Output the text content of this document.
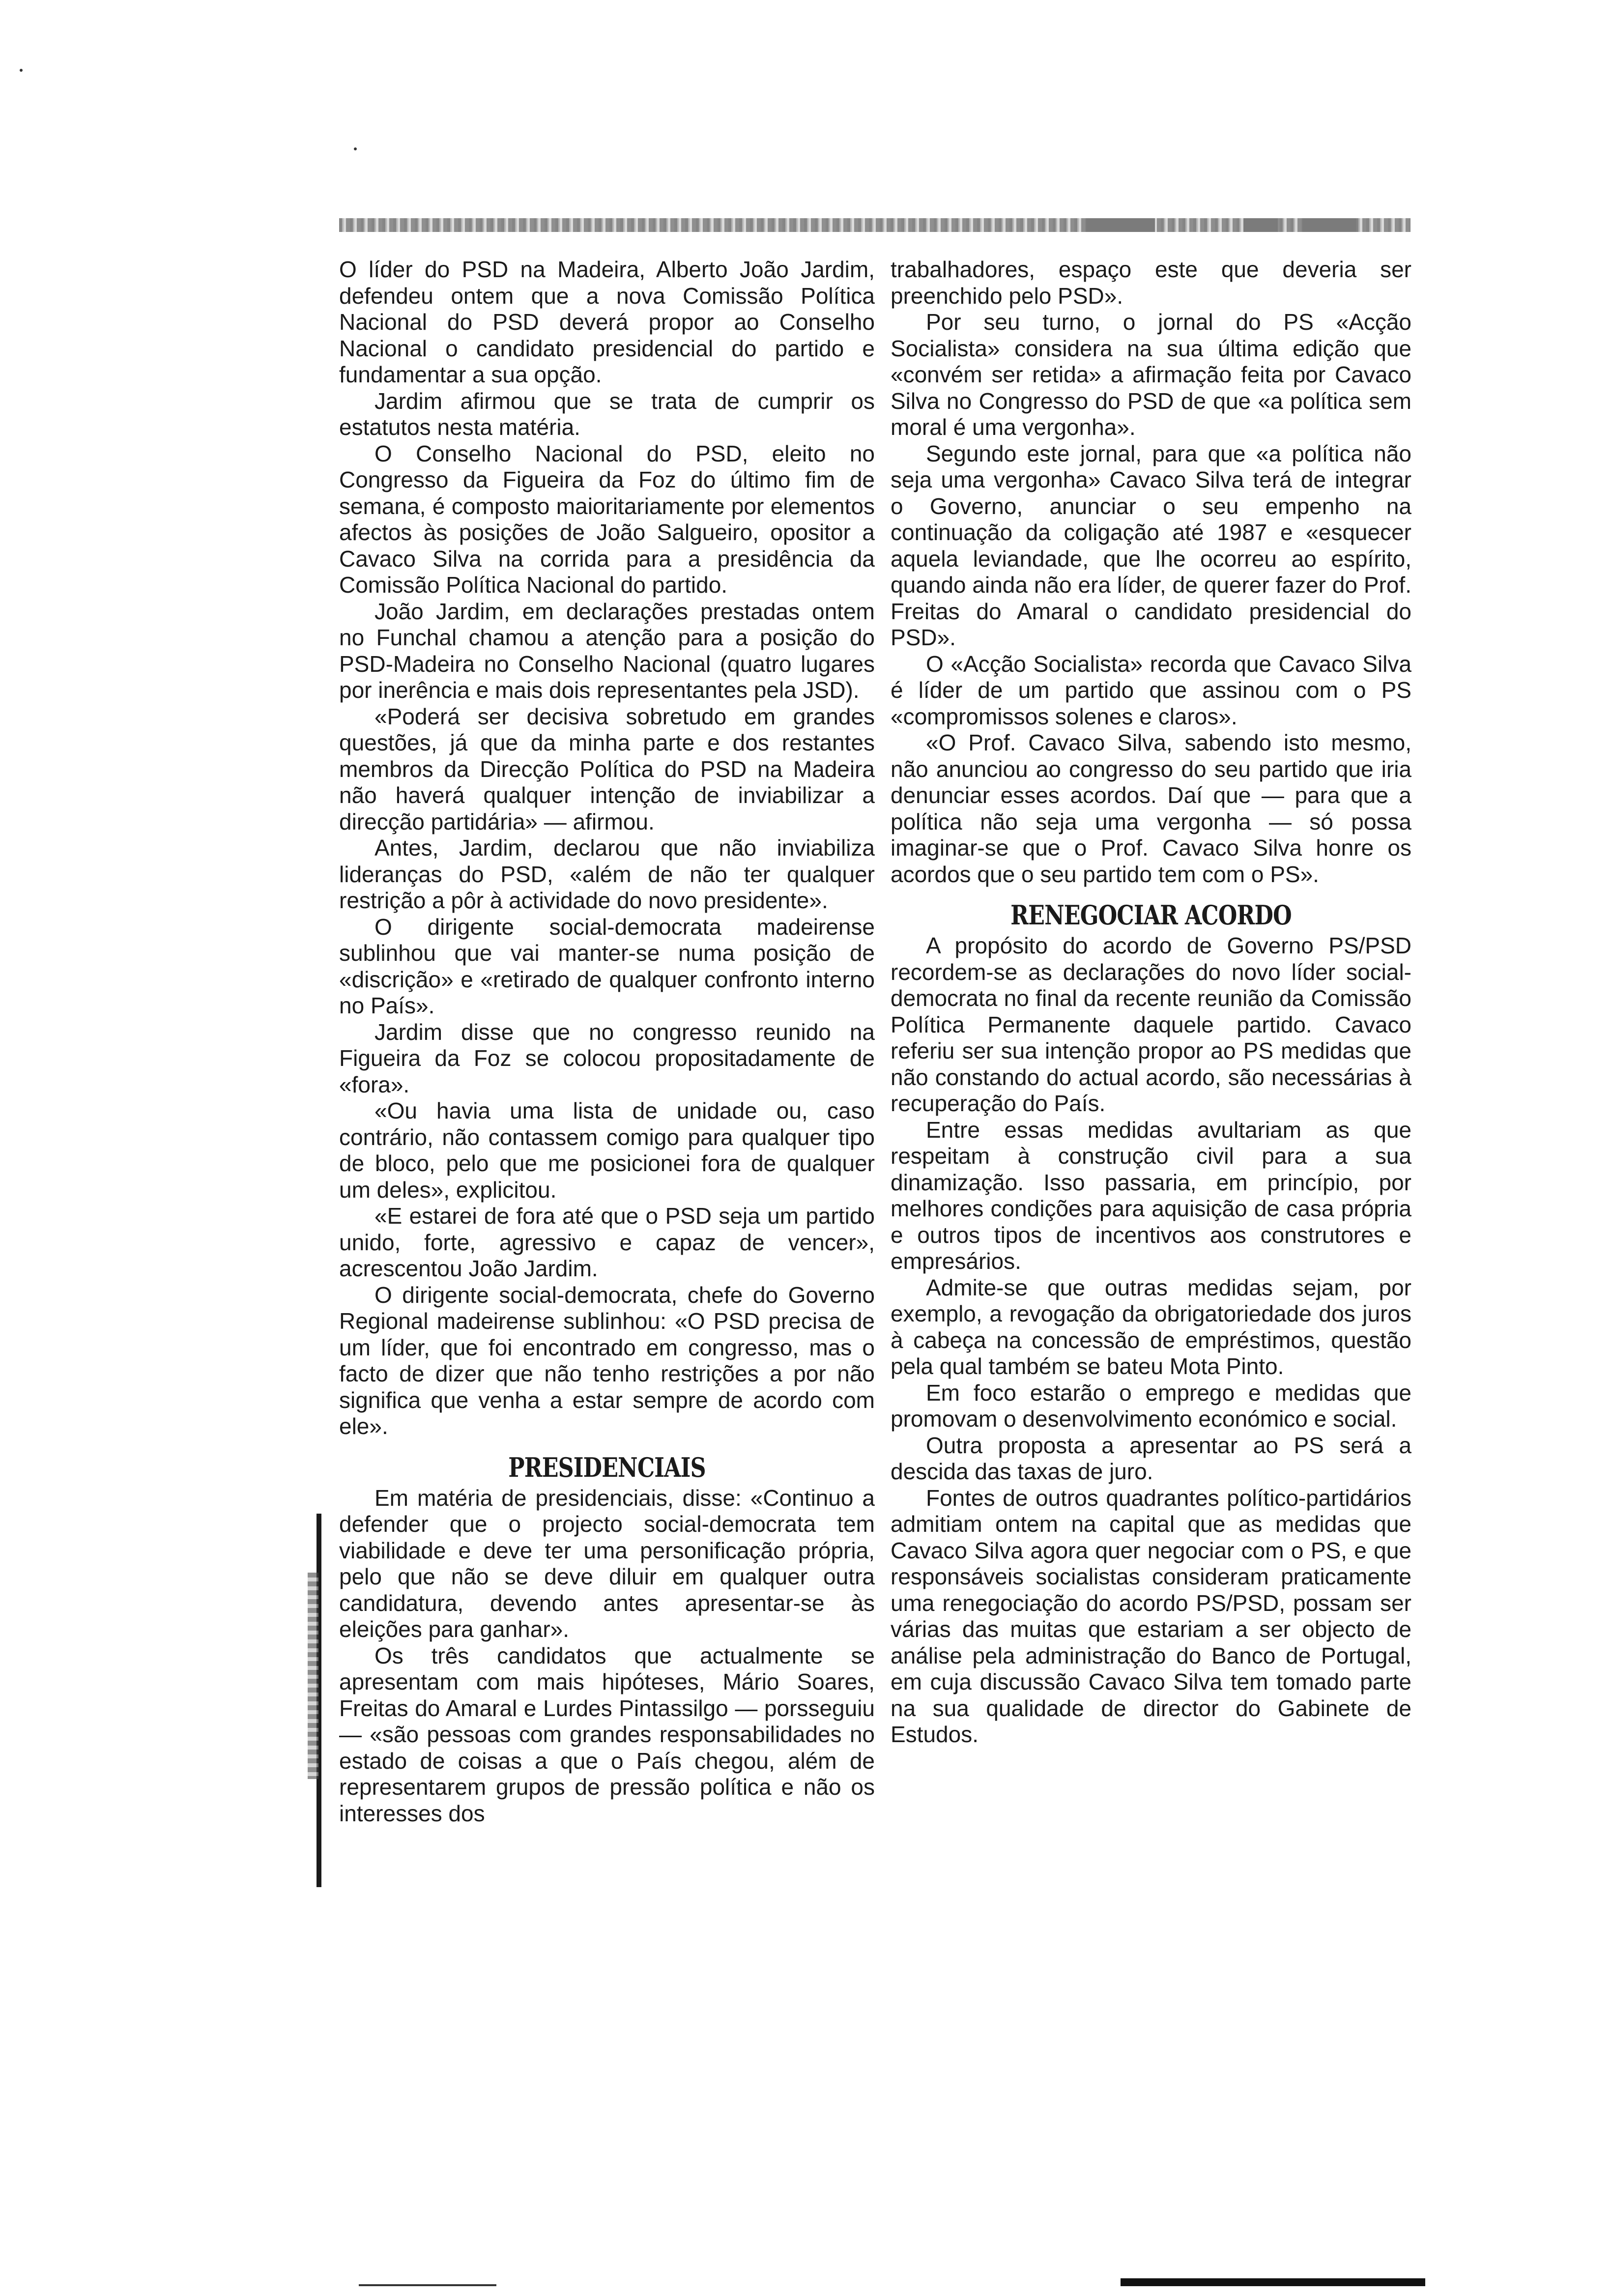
O líder do PSD na Madeira, Alberto João Jardim, defendeu ontem que a nova Comissão Política Nacional do PSD deverá propor ao Conselho Nacional o candidato presidencial do partido e fundamentar a sua opção.

Jardim afirmou que se trata de cumprir os estatutos nesta matéria.

O Conselho Nacional do PSD, eleito no Congresso da Figueira da Foz do último fim de semana, é composto maioritariamente por elementos afectos às posições de João Salgueiro, opositor a Cavaco Silva na corrida para a presidência da Comissão Política Nacional do partido.

João Jardim, em declarações prestadas ontem no Funchal chamou a atenção para a posição do PSD-Madeira no Conselho Nacional (quatro lugares por inerência e mais dois representantes pela JSD).

«Poderá ser decisiva sobretudo em grandes questões, já que da minha parte e dos restantes membros da Direcção Política do PSD na Madeira não haverá qualquer intenção de inviabilizar a direcção partidária» — afirmou.

Antes, Jardim, declarou que não inviabiliza lideranças do PSD, «além de não ter qualquer restrição a pôr à actividade do novo presidente».

O dirigente social-democrata madeirense sublinhou que vai manter-se numa posição de «discrição» e «retirado de qualquer confronto interno no País».

Jardim disse que no congresso reunido na Figueira da Foz se colocou propositadamente de «fora».

«Ou havia uma lista de unidade ou, caso contrário, não contassem comigo para qualquer tipo de bloco, pelo que me posicionei fora de qualquer um deles», explicitou.

«E estarei de fora até que o PSD seja um partido unido, forte, agressivo e capaz de vencer», acrescentou João Jardim.

O dirigente social-democrata, chefe do Governo Regional madeirense sublinhou: «O PSD precisa de um líder, que foi encontrado em congresso, mas o facto de dizer que não tenho restrições a por não significa que venha a estar sempre de acordo com ele».

PRESIDENCIAIS

Em matéria de presidenciais, disse: «Continuo a defender que o projecto social-democrata tem viabilidade e deve ter uma personificação própria, pelo que não se deve diluir em qualquer outra candidatura, devendo antes apresentar-se às eleições para ganhar».

Os três candidatos que actualmente se apresentam com mais hipóteses, Mário Soares, Freitas do Amaral e Lurdes Pintassilgo — porsseguiu — «são pessoas com grandes responsabilidades no estado de coisas a que o País chegou, além de representarem grupos de pressão política e não os interesses dos

trabalhadores, espaço este que deveria ser preenchido pelo PSD».

Por seu turno, o jornal do PS «Acção Socialista» considera na sua última edição que «convém ser retida» a afirmação feita por Cavaco Silva no Congresso do PSD de que «a política sem moral é uma vergonha».

Segundo este jornal, para que «a política não seja uma vergonha» Cavaco Silva terá de integrar o Governo, anunciar o seu empenho na continuação da coligação até 1987 e «esquecer aquela leviandade, que lhe ocorreu ao espírito, quando ainda não era líder, de querer fazer do Prof. Freitas do Amaral o candidato presidencial do PSD».

O «Acção Socialista» recorda que Cavaco Silva é líder de um partido que assinou com o PS «compromissos solenes e claros».

«O Prof. Cavaco Silva, sabendo isto mesmo, não anunciou ao congresso do seu partido que iria denunciar esses acordos. Daí que — para que a política não seja uma vergonha — só possa imaginar-se que o Prof. Cavaco Silva honre os acordos que o seu partido tem com o PS».

RENEGOCIAR ACORDO

A propósito do acordo de Governo PS/PSD recordem-se as declarações do novo líder social-democrata no final da recente reunião da Comissão Política Permanente daquele partido. Cavaco referiu ser sua intenção propor ao PS medidas que não constando do actual acordo, são necessárias à recuperação do País.

Entre essas medidas avultariam as que respeitam à construção civil para a sua dinamização. Isso passaria, em princípio, por melhores condições para aquisição de casa própria e outros tipos de incentivos aos construtores e empresários.

Admite-se que outras medidas sejam, por exemplo, a revogação da obrigatoriedade dos juros à cabeça na concessão de empréstimos, questão pela qual também se bateu Mota Pinto.

Em foco estarão o emprego e medidas que promovam o desenvolvimento económico e social.

Outra proposta a apresentar ao PS será a descida das taxas de juro.

Fontes de outros quadrantes político-partidários admitiam ontem na capital que as medidas que Cavaco Silva agora quer negociar com o PS, e que responsáveis socialistas consideram praticamente uma renegociação do acordo PS/PSD, possam ser várias das muitas que estariam a ser objecto de análise pela administração do Banco de Portugal, em cuja discussão Cavaco Silva tem tomado parte na sua qualidade de director do Gabinete de Estudos.
